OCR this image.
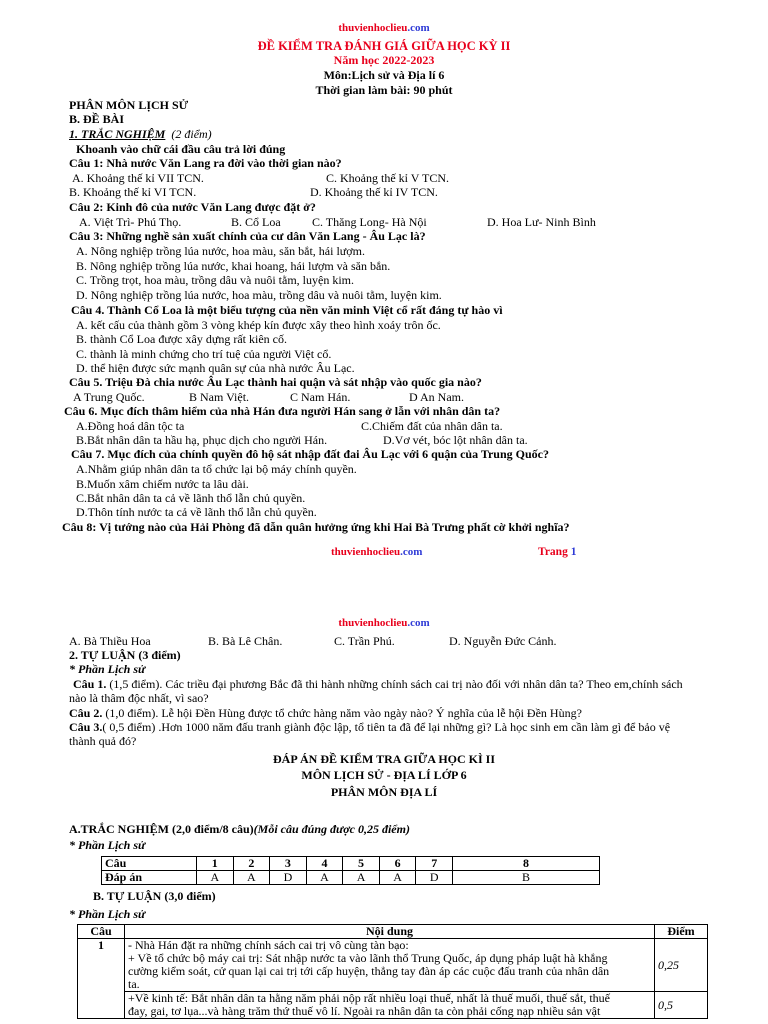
thuvienhoclieu.com
ĐỀ KIỂM TRA ĐÁNH GIÁ GIỮA HỌC KỲ II
Năm học 2022-2023
Môn:Lịch sử và Địa lí 6
Thời gian làm bài: 90 phút
PHÂN MÔN LỊCH SỬ
B. ĐỀ BÀI
1. TRẮC NGHIỆM (2 điểm)
Khoanh vào chữ cái đầu câu trả lời đúng
Câu 1: Nhà nước Văn Lang ra đời vào thời gian nào?
A. Khoảng thế kỉ VII TCN.	C. Khoảng thế kỉ V TCN.
B. Khoảng thế kỉ VI TCN.	D. Khoảng thế kỉ IV TCN.
Câu 2: Kinh đô của nước Văn Lang được đặt ở?
A. Việt Trì- Phú Thọ.	B. Cổ Loa	C. Thăng Long- Hà Nội	D. Hoa Lư- Ninh Bình
Câu 3: Những nghề sản xuất chính của cư dân Văn Lang - Âu Lạc là?
A. Nông nghiệp trồng lúa nước, hoa màu, săn bắt, hái lượm.
B. Nông nghiệp trồng lúa nước, khai hoang, hái lượm và săn bắn.
C. Trồng trọt, hoa màu, trồng dâu và nuôi tằm, luyện kim.
D. Nông nghiệp trồng lúa nước, hoa màu, trồng dâu và nuôi tằm, luyện kim.
Câu 4. Thành Cổ Loa là một biểu tượng của nền văn minh Việt cổ rất đáng tự hào vì
A. kết cấu của thành gồm 3 vòng khép kín được xây theo hình xoáy trôn ốc.
B. thành Cổ Loa được xây dựng rất kiên cố.
C. thành là minh chứng cho trí tuệ của người Việt cổ.
D. thể hiện được sức mạnh quân sự của nhà nước Âu Lạc.
Câu 5. Triệu Đà chia nước Âu Lạc thành hai quận và sát nhập vào quốc gia nào?
A Trung Quốc.	B Nam Việt.	C Nam Hán.	D An Nam.
Câu 6. Mục đích thâm hiểm của nhà Hán đưa người Hán sang ở lẫn với nhân dân ta?
A.Đồng hoá dân tộc ta	C.Chiếm đất của nhân dân ta.
B.Bắt nhân dân ta hầu hạ, phục dịch cho người Hán.	D.Vơ vét, bóc lột nhân dân ta.
Câu 7. Mục đích của chính quyền đô hộ sát nhập đất đai Âu Lạc với 6 quận của Trung Quốc?
A.Nhằm giúp nhân dân ta tổ chức lại bộ máy chính quyền.
B.Muốn xâm chiếm nước ta lâu dài.
C.Bắt nhân dân ta cả về lãnh thổ lẫn chủ quyền.
D.Thôn tính nước ta cả về lãnh thổ lẫn chủ quyền.
Câu 8: Vị tướng nào của Hải Phòng đã dẫn quân hưởng ứng khi Hai Bà Trưng phất cờ khởi nghĩa?
thuvienhoclieu.com	Trang 1
thuvienhoclieu.com
A. Bà Thiều Hoa	B. Bà Lê Chân.	C. Trần Phú.	D. Nguyễn Đức Cảnh.
2. TỰ LUẬN (3 điểm)
* Phần Lịch sử
Câu 1. (1,5 điểm). Các triều đại phương Bắc đã thi hành những chính sách cai trị nào đối với nhân dân ta? Theo em,chính sách
nào là thâm độc nhất, vì sao?
Câu 2. (1,0 điểm). Lễ hội Đền Hùng được tổ chức hàng năm vào ngày nào? Ý nghĩa của lễ hội Đền Hùng?
Câu 3.( 0,5 điểm) .Hơn 1000 năm đấu tranh giành độc lập, tổ tiên ta đã để lại những gì? Là học sinh em cần làm gì để bảo vệ
thành quả đó?
ĐÁP ÁN ĐỀ KIỂM TRA GIỮA HỌC KÌ II
MÔN LỊCH SỬ - ĐỊA LÍ LỚP 6
PHÂN MÔN ĐỊA LÍ
A.TRẮC NGHIỆM (2,0 điểm/8 câu)(Mỗi câu đúng được 0,25 điểm)
* Phần Lịch sử
Câu	1	2	3	4	5	6	7	8
Đáp án	A	A	D	A	A	A	D	B
B. TỰ LUẬN (3,0 điểm)
* Phần Lịch sử
Câu	Nội dung	Điểm
1	- Nhà Hán đặt ra những chính sách cai trị vô cùng tàn bạo:
+ Về tổ chức bộ máy cai trị: Sát nhập nước ta vào lãnh thổ Trung Quốc, áp dụng pháp luật hà khắng
cường kiểm soát, cử quan lại cai trị tới cấp huyện, thẳng tay đàn áp các cuộc đấu tranh của nhân dân
ta.	0,25

	+Về kinh tế: Bắt nhân dân ta hằng năm phải nộp rất nhiều loại thuế, nhất là thuế muối, thuế sắt, thuế
đay, gai, tơ lụa...và hàng trăm thứ thuế vô lí. Ngoài ra nhân dân ta còn phải cống nạp nhiều sản vật	0,5
